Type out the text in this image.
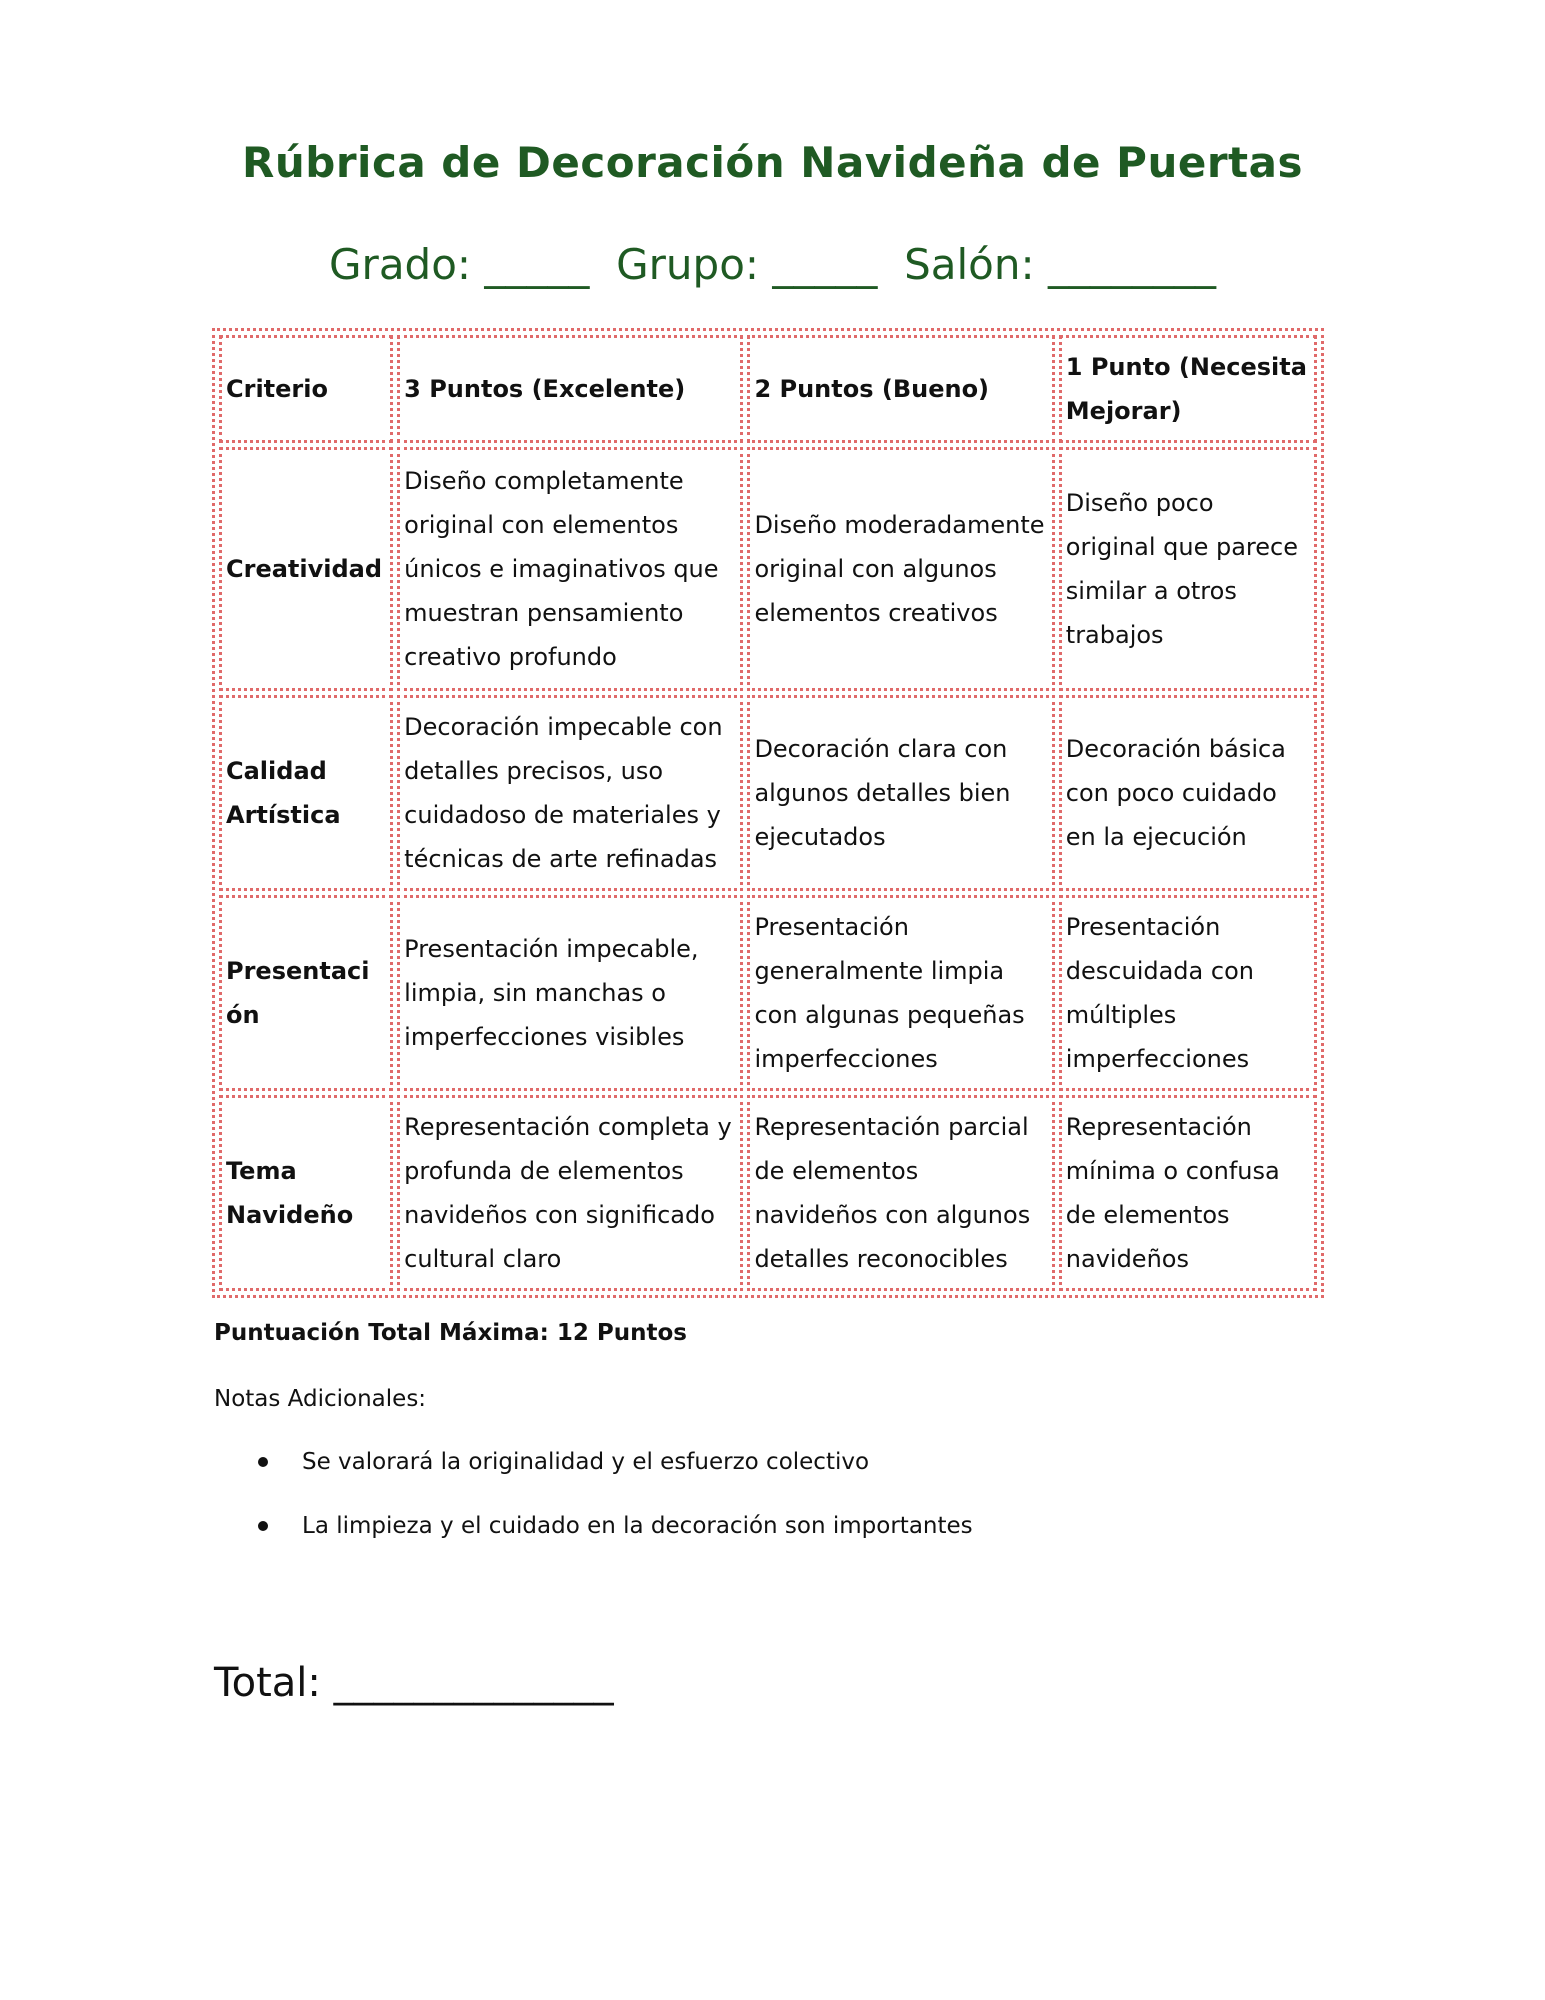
Rúbrica de Decoración Navideña de Puertas
Grado: _____  Grupo: _____  Salón: ________
Criterio	3 Puntos (Excelente)	2 Puntos (Bueno)	1 Punto (Necesita Mejorar)
Creatividad	Diseño completamente original con elementos únicos e imaginativos que muestran pensamiento creativo profundo	Diseño moderadamente original con algunos elementos creativos	Diseño poco original que parece similar a otros trabajos
Calidad Artística	Decoración impecable con detalles precisos, uso cuidadoso de materiales y técnicas de arte refinadas	Decoración clara con algunos detalles bien ejecutados	Decoración básica con poco cuidado en la ejecución
Presentación	Presentación impecable, limpia, sin manchas o imperfecciones visibles	Presentación generalmente limpia con algunas pequeñas imperfecciones	Presentación descuidada con múltiples imperfecciones
Tema Navideño	Representación completa y profunda de elementos navideños con significado cultural claro	Representación parcial de elementos navideños con algunos detalles reconocibles	Representación mínima o confusa de elementos navideños
Puntuación Total Máxima: 12 Puntos
Notas Adicionales:
Se valorará la originalidad y el esfuerzo colectivo
La limpieza y el cuidado en la decoración son importantes
Total: ______________
